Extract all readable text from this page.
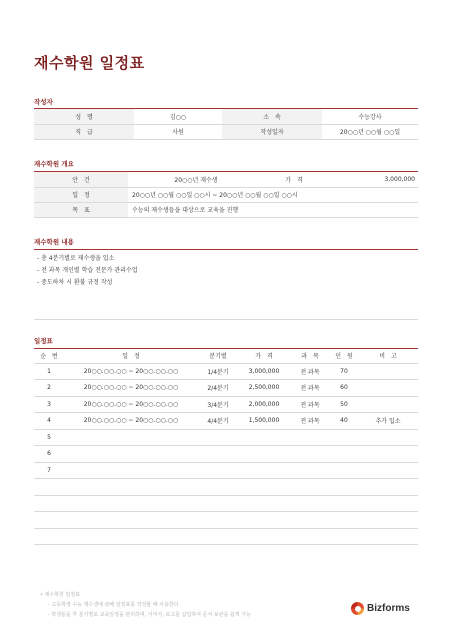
재수학원 일정표
작성자
성　명	김○○	소　속	수능강사
직　급	사원	작성일자	20○○년 ○○월 ○○일
재수학원 개요
안　건	20○○년 재수생	가　격	3,000,000
일　정	20○○년 ○○월 ○○일 ○○시 ~ 20○○년 ○○월 ○○일 ○○시		
목　표	수능의 재수생들을 대상으로 교육을 진행		
재수학원 내용
- 총 4분기별로 재수생을 입소
- 전 과목 개인별 학습 전문가 관리수업
- 중도하차 시 환불 규정 작성
일정표
순　번	일　정	분기별	가　격	과　목	인　원	비　고
1	20○○.○○.○○ ~ 20○○.○○.○○	1/4분기	3,000,000	전 과목	70	
2	20○○.○○.○○ ~ 20○○.○○.○○	2/4분기	2,500,000	전 과목	60	
3	20○○.○○.○○ ~ 20○○.○○.○○	3/4분기	2,000,000	전 과목	50	
4	20○○.○○.○○ ~ 20○○.○○.○○	4/4분기	1,500,000	전 과목	40	추가 입소
5						
6						
7						

• 재수학원 일정표
- 고등학생 수능 재수생에 관해 일정표를 작성할 때 사용한다.
- 학생들을 각 분기별로 교육일정을 관리하며, 이미지, 로고를 삽입하여 문서 보관을 쉽게 가능
Bizforms
